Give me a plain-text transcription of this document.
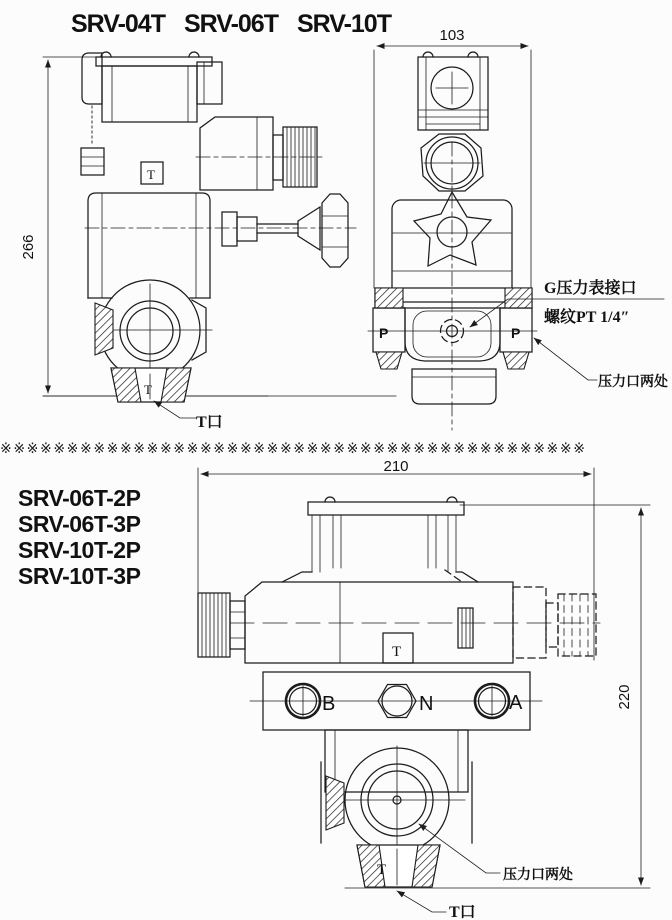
SRV-04T SRV-06T SRV-10T
266
T
T
T口
103
P	P
G压力表接口
螺纹PT 1/4″
压力口两处
※※※※※※※※※※※※※※※※※※※※※※※※※※※※※※※※※※※※※※※※※※※※
SRV-06T-2P
SRV-06T-3P
SRV-10T-2P
SRV-10T-3P
210
220
T
B	N	A
T	压力口两处
T口
